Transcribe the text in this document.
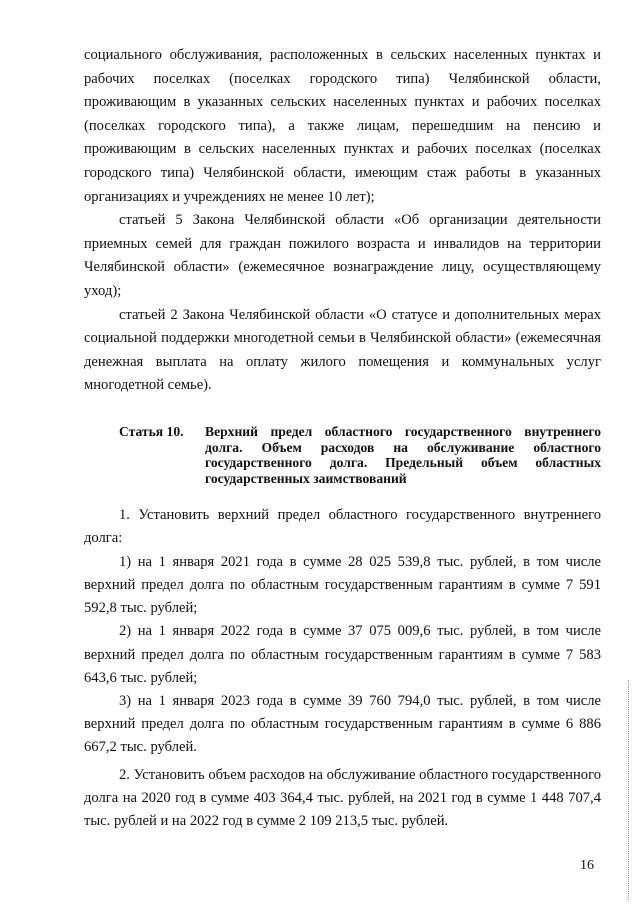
социального обслуживания, расположенных в сельских населенных пунктах и рабочих поселках (поселках городского типа) Челябинской области, проживающим в указанных сельских населенных пунктах и рабочих поселках (поселках городского типа), а также лицам, перешедшим на пенсию и проживающим в сельских населенных пунктах и рабочих поселках (поселках городского типа) Челябинской области, имеющим стаж работы в указанных организациях и учреждениях не менее 10 лет);

статьей 5 Закона Челябинской области «Об организации деятельности приемных семей для граждан пожилого возраста и инвалидов на территории Челябинской области» (ежемесячное вознаграждение лицу, осуществляющему уход);

статьей 2 Закона Челябинской области «О статусе и дополнительных мерах социальной поддержки многодетной семьи в Челябинской области» (ежемесячная денежная выплата на оплату жилого помещения и коммунальных услуг многодетной семье).

Статья 10.	Верхний предел областного государственного внутреннего долга. Объем расходов на обслуживание областного государственного долга. Предельный объем областных государственных заимствований

1. Установить верхний предел областного государственного внутреннего долга:

1) на 1 января 2021 года в сумме 28 025 539,8 тыс. рублей, в том числе верхний предел долга по областным государственным гарантиям в сумме 7 591 592,8 тыс. рублей;

2) на 1 января 2022 года в сумме 37 075 009,6 тыс. рублей, в том числе верхний предел долга по областным государственным гарантиям в сумме 7 583 643,6 тыс. рублей;

3) на 1 января 2023 года в сумме 39 760 794,0 тыс. рублей, в том числе верхний предел долга по областным государственным гарантиям в сумме 6 886 667,2 тыс. рублей.

2. Установить объем расходов на обслуживание областного государственного долга на 2020 год в сумме 403 364,4 тыс. рублей, на 2021 год в сумме 1 448 707,4 тыс. рублей и на 2022 год в сумме 2 109 213,5 тыс. рублей.

16
